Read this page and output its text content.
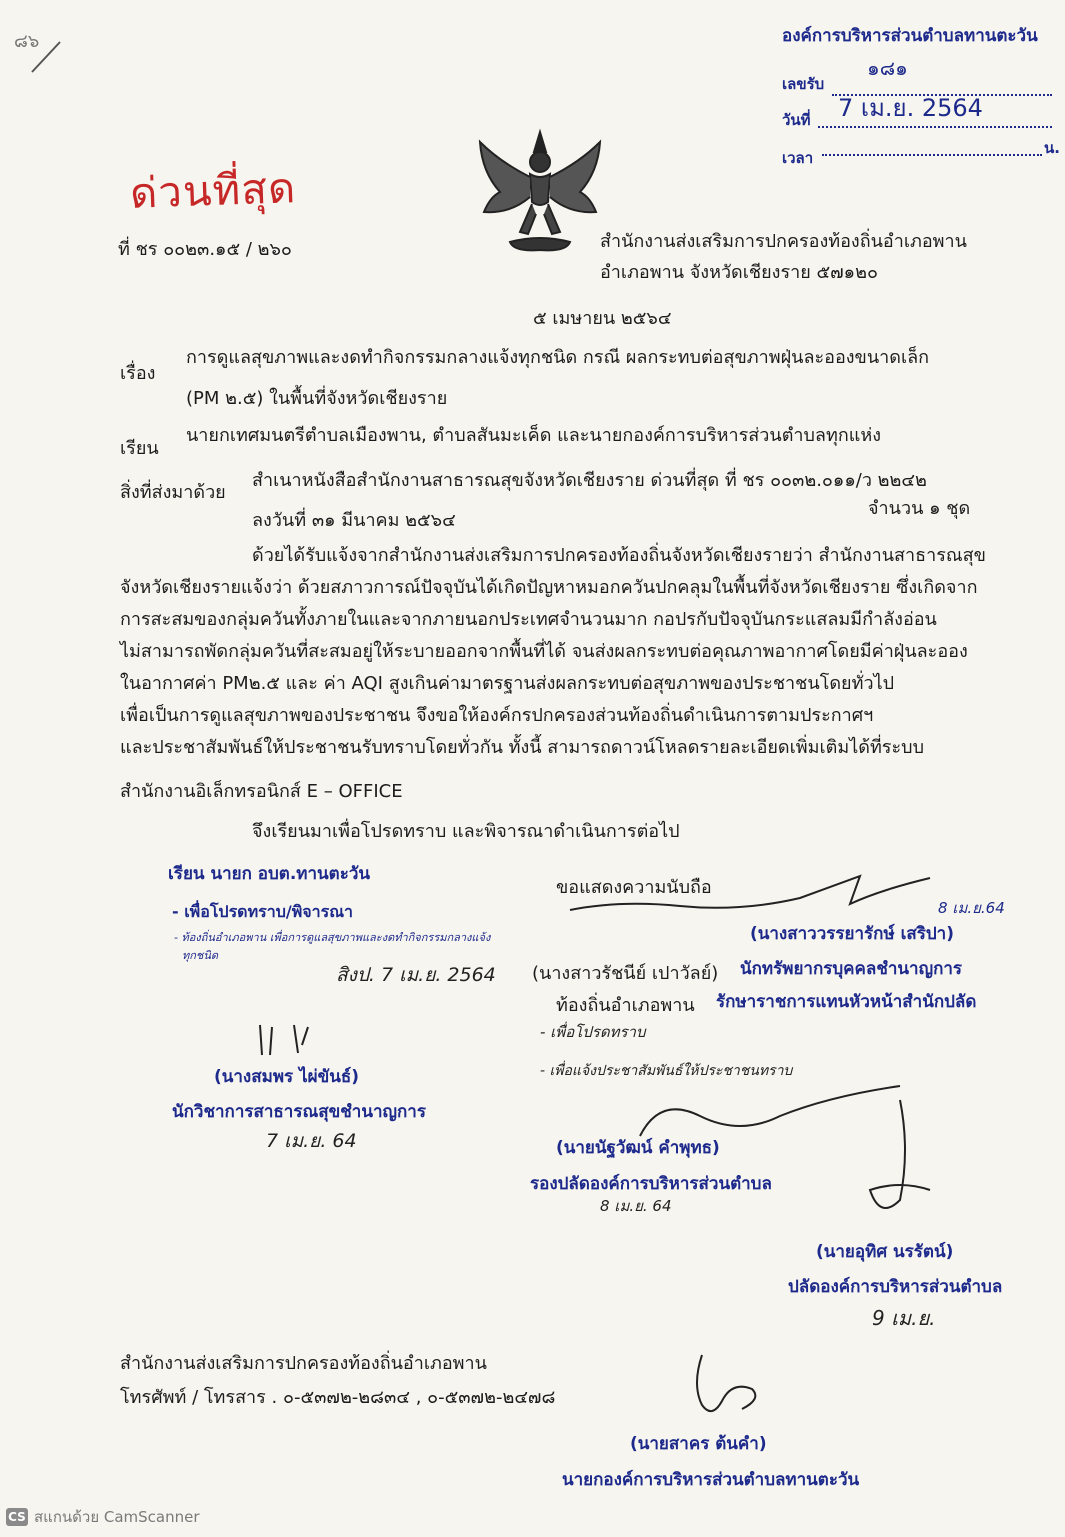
๘๖	องค์การบริหารส่วนตำบลทานตะวัน
เลขรับ
๑๘๑
วันที่ 7 เม.ย. 2564
เวลา
น.
ด่วนที่สุด
ที่ ชร ๐๐๒๓.๑๕ / ๒๖๐	สำนักงานส่งเสริมการปกครองท้องถิ่นอำเภอพาน
อำเภอพาน จังหวัดเชียงราย ๕๗๑๒๐
๕ เมษายน ๒๕๖๔
เรื่อง
การดูแลสุขภาพและงดทำกิจกรรมกลางแจ้งทุกชนิด กรณี ผลกระทบต่อสุขภาพฝุ่นละอองขนาดเล็ก
(PM ๒.๕) ในพื้นที่จังหวัดเชียงราย
เรียน
นายกเทศมนตรีตำบลเมืองพาน, ตำบลสันมะเค็ด และนายกองค์การบริหารส่วนตำบลทุกแห่ง
สิ่งที่ส่งมาด้วย
สำเนาหนังสือสำนักงานสาธารณสุขจังหวัดเชียงราย ด่วนที่สุด ที่ ชร ๐๐๓๒.๐๑๑/ว ๒๒๔๒
ลงวันที่ ๓๑ มีนาคม ๒๕๖๔
จำนวน ๑ ชุด
ด้วยได้รับแจ้งจากสำนักงานส่งเสริมการปกครองท้องถิ่นจังหวัดเชียงรายว่า สำนักงานสาธารณสุข
จังหวัดเชียงรายแจ้งว่า ด้วยสภาวการณ์ปัจจุบันได้เกิดปัญหาหมอกควันปกคลุมในพื้นที่จังหวัดเชียงราย ซึ่งเกิดจาก
การสะสมของกลุ่มควันทั้งภายในและจากภายนอกประเทศจำนวนมาก กอปรกับปัจจุบันกระแสลมมีกำลังอ่อน
ไม่สามารถพัดกลุ่มควันที่สะสมอยู่ให้ระบายออกจากพื้นที่ได้ จนส่งผลกระทบต่อคุณภาพอากาศโดยมีค่าฝุ่นละออง
ในอากาศค่า PM๒.๕ และ ค่า AQI สูงเกินค่ามาตรฐานส่งผลกระทบต่อสุขภาพของประชาชนโดยทั่วไป
เพื่อเป็นการดูแลสุขภาพของประชาชน จึงขอให้องค์กรปกครองส่วนท้องถิ่นดำเนินการตามประกาศฯ
และประชาสัมพันธ์ให้ประชาชนรับทราบโดยทั่วกัน ทั้งนี้ สามารถดาวน์โหลดรายละเอียดเพิ่มเติมได้ที่ระบบ
สำนักงานอิเล็กทรอนิกส์ E – OFFICE
จึงเรียนมาเพื่อโปรดทราบ และพิจารณาดำเนินการต่อไป
เรียน นายก อบต.ทานตะวัน
- เพื่อโปรดทราบ/พิจารณา
- ท้องถิ่นอำเภอพาน เพื่อการดูแลสุขภาพและงดทำกิจกรรมกลางแจ้ง
ทุกชนิด
สิงป. 7 เม.ย. 2564
ขอแสดงความนับถือ
8 เม.ย.64
(นางสาววรรยารักษ์ เสริปา)
นักทรัพยากรบุคคลชำนาญการ
รักษาราชการแทนหัวหน้าสำนักปลัด
(นางสาวรัชนีย์ เปาวัลย์)
ท้องถิ่นอำเภอพาน
- เพื่อโปรดทราบ
- เพื่อแจ้งประชาสัมพันธ์ให้ประชาชนทราบ
(นางสมพร ไผ่ขันธ์)
นักวิชาการสาธารณสุขชำนาญการ
7 เม.ย. 64	(นายนัฐวัฒน์ คำพุทธ)
รองปลัดองค์การบริหารส่วนตำบล
8 เม.ย. 64
(นายอุทิศ นรรัตน์)
ปลัดองค์การบริหารส่วนตำบล
9 เม.ย.
สำนักงานส่งเสริมการปกครองท้องถิ่นอำเภอพาน
โทรศัพท์ / โทรสาร . ๐-๕๓๗๒-๒๘๓๔ , ๐-๕๓๗๒-๒๔๗๘
(นายสาคร ต้นคำ)
นายกองค์การบริหารส่วนตำบลทานตะวัน
CS สแกนด้วย CamScanner
